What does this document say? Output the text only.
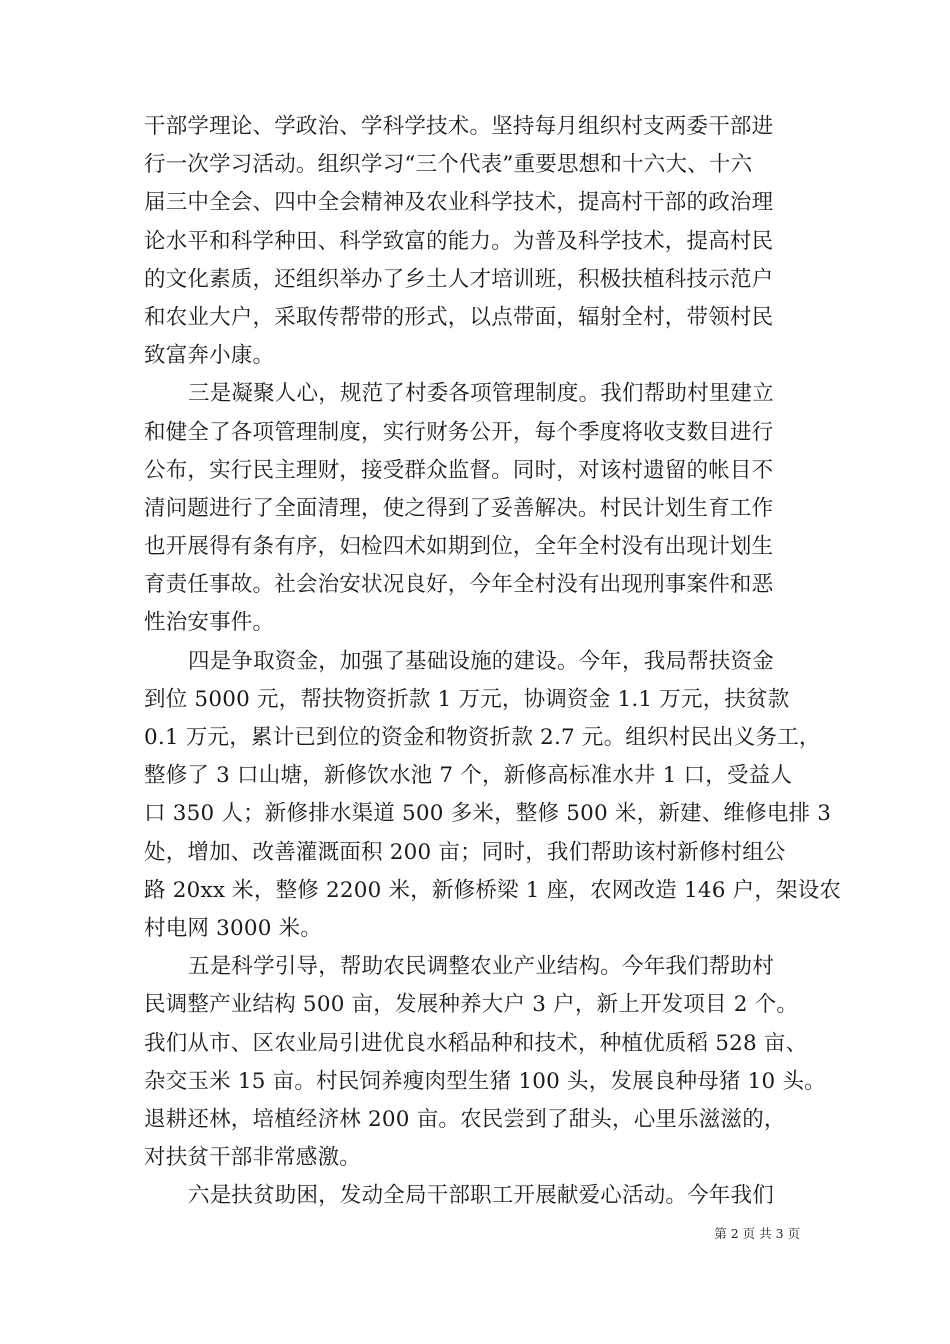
干部学理论、学政治、学科学技术。坚持每月组织村支两委干部进
行一次学习活动。组织学习“三个代表”重要思想和十六大、十六
届三中全会、四中全会精神及农业科学技术，提高村干部的政治理
论水平和科学种田、科学致富的能力。为普及科学技术，提高村民
的文化素质，还组织举办了乡土人才培训班，积极扶植科技示范户
和农业大户，采取传帮带的形式，以点带面，辐射全村，带领村民
致富奔小康。
三是凝聚人心，规范了村委各项管理制度。我们帮助村里建立
和健全了各项管理制度，实行财务公开，每个季度将收支数目进行
公布，实行民主理财，接受群众监督。同时，对该村遗留的帐目不
清问题进行了全面清理，使之得到了妥善解决。村民计划生育工作
也开展得有条有序，妇检四术如期到位，全年全村没有出现计划生
育责任事故。社会治安状况良好，今年全村没有出现刑事案件和恶
性治安事件。
四是争取资金，加强了基础设施的建设。今年，我局帮扶资金
到位 5000 元，帮扶物资折款 1 万元，协调资金 1.1 万元，扶贫款
0.1 万元，累计已到位的资金和物资折款 2.7 元。组织村民出义务工，
整修了 3 口山塘，新修饮水池 7 个，新修高标准水井 1 口，受益人
口 350 人；新修排水渠道 500 多米，整修 500 米，新建、维修电排 3
处，增加、改善灌溉面积 200 亩；同时，我们帮助该村新修村组公
路 20xx 米，整修 2200 米，新修桥梁 1 座，农网改造 146 户，架设农
村电网 3000 米。
五是科学引导，帮助农民调整农业产业结构。今年我们帮助村
民调整产业结构 500 亩，发展种养大户 3 户，新上开发项目 2 个。
我们从市、区农业局引进优良水稻品种和技术，种植优质稻 528 亩、
杂交玉米 15 亩。村民饲养瘦肉型生猪 100 头，发展良种母猪 10 头。
退耕还林，培植经济林 200 亩。农民尝到了甜头，心里乐滋滋的，
对扶贫干部非常感激。
六是扶贫助困，发动全局干部职工开展献爱心活动。今年我们
第 2 页 共 3 页
